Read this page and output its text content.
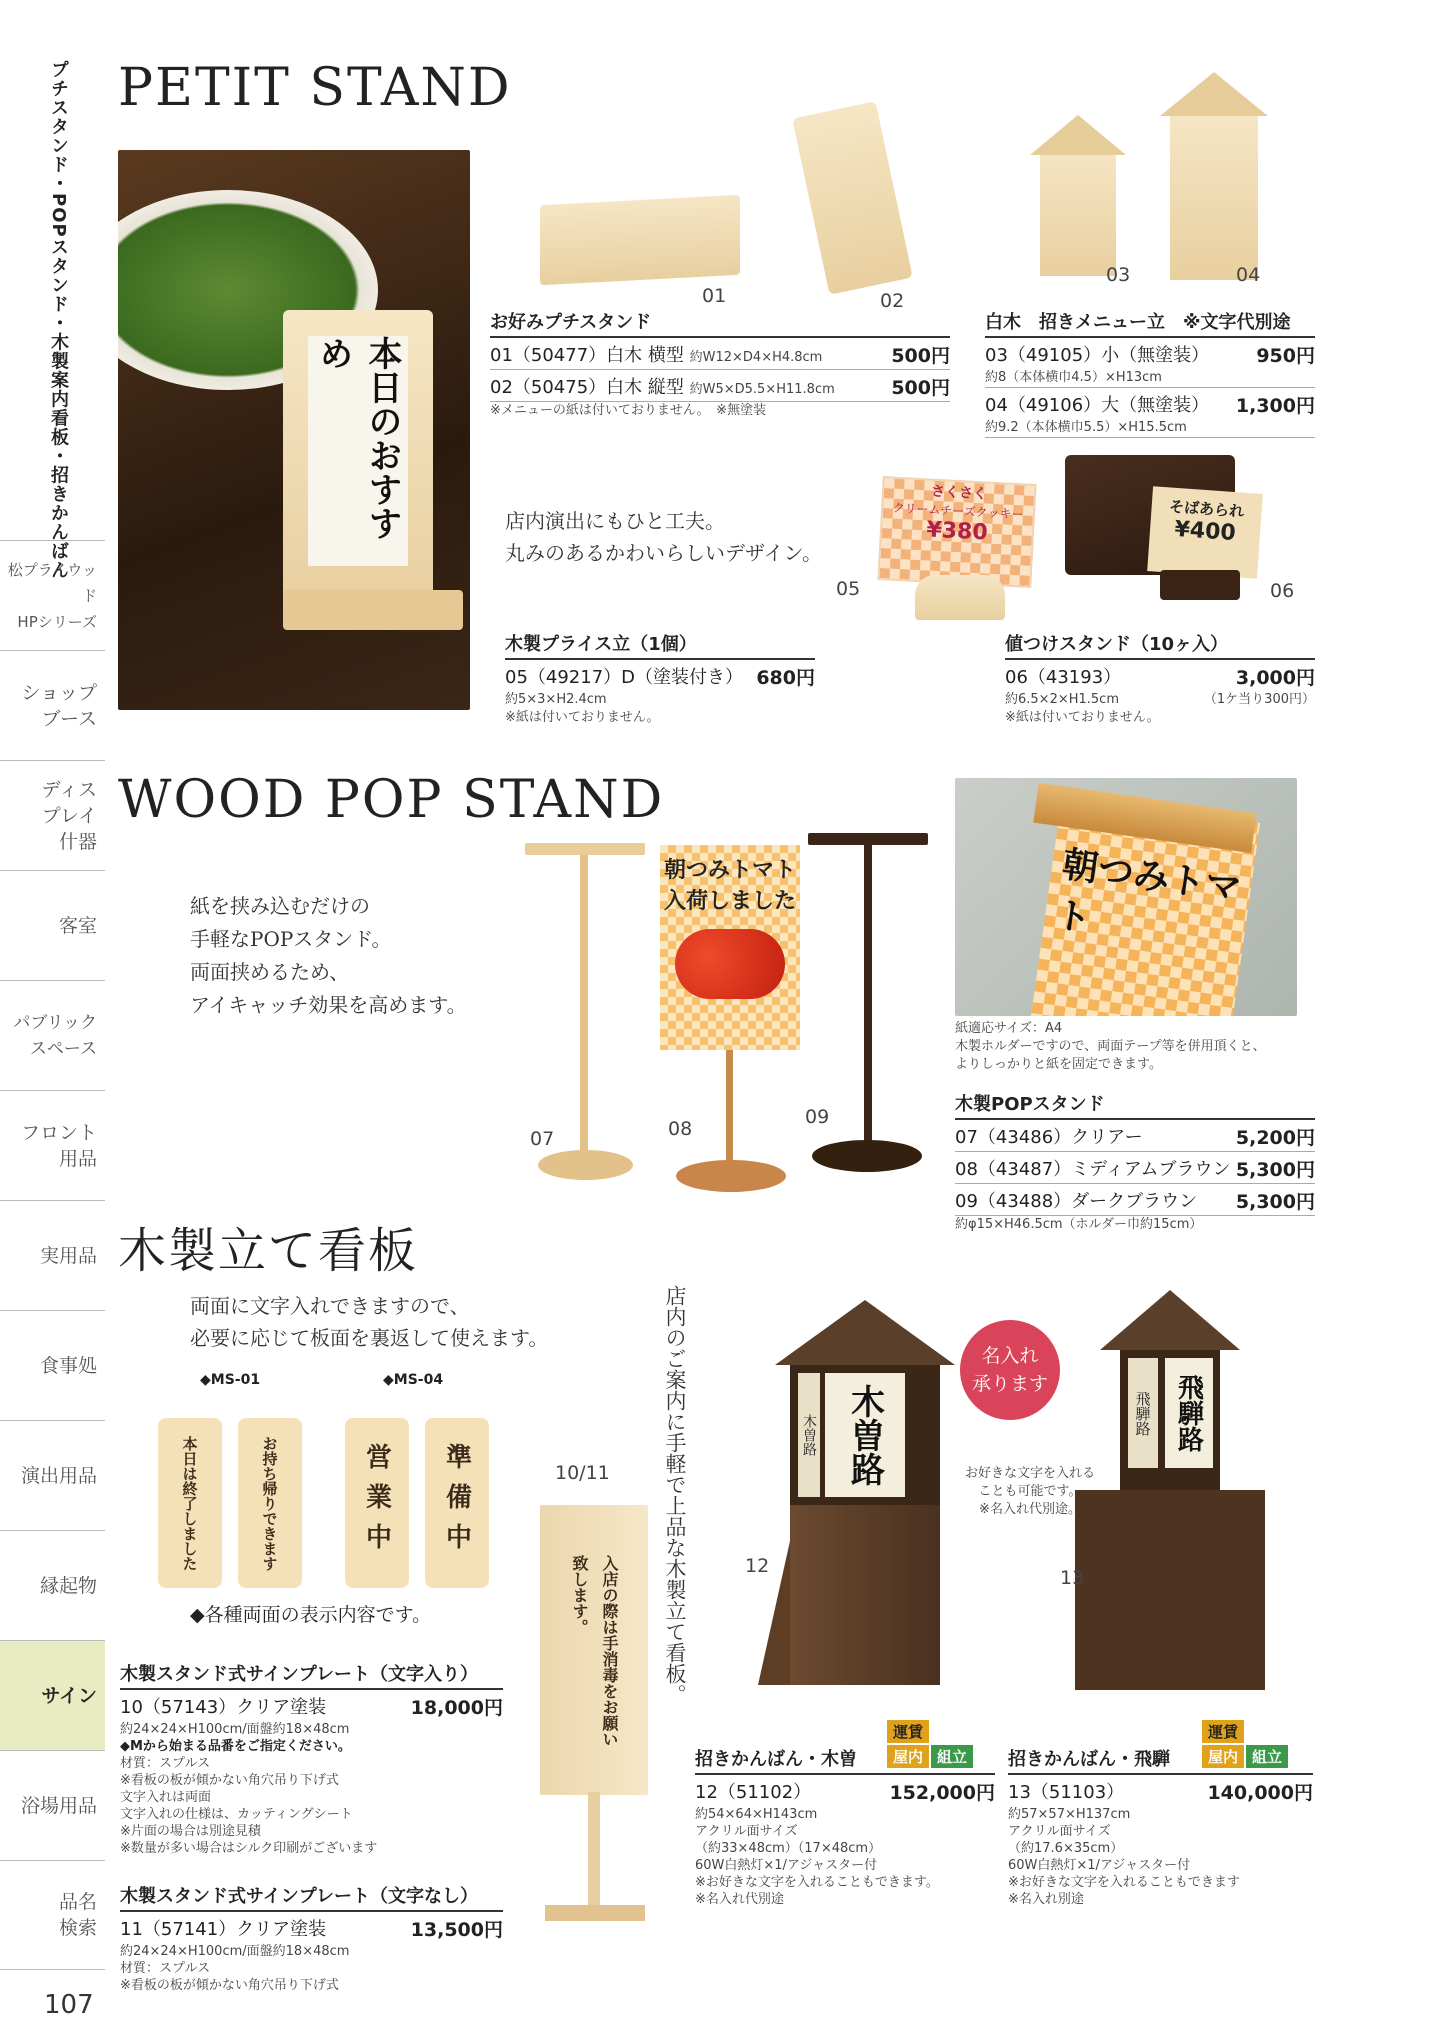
プチスタンド・POPスタンド・木製案内看板・招きかんばん
松プライウッド
HPシリーズ
ショップ
ブース
ディス
プレイ
什器
客室
パブリック
スペース
フロント
用品
実用品
食事処
演出用品
縁起物
サイン
浴場用品
品名
検索
107
PETIT STAND
本日のおすすめ
01	02
03	04
お好みプチスタンド
01（50477）白木 横型 約W12×D4×H4.8cm	500円
02（50475）白木 縦型 約W5×D5.5×H11.8cm	500円
※メニューの紙は付いておりません。　※無塗装
白木　招きメニュー立　※文字代別途
03（49105）小（無塗装） 950円
約8（本体横巾4.5）×H13cm
04（49106）大（無塗装） 1,300円
約9.2（本体横巾5.5）×H15.5cm
店内演出にもひと工夫。
丸みのあるかわいらしいデザイン。
さくさく
クリームチーズクッキー
¥380
05
そばあられ
¥400
06
木製プライス立（1個）
05（49217）D（塗装付き） 680円
約5×3×H2.4cm
※紙は付いておりません。
値つけスタンド（10ヶ入）
06（43193）	3,000円
約6.5×2×H1.5cm	（1ケ当り300円）
※紙は付いておりません。
WOOD POP STAND
紙を挟み込むだけの
手軽なPOPスタンド。
両面挟めるため、
アイキャッチ効果を高めます。
07
朝つみトマト
入荷しました
08
09
朝つみトマト
紙適応サイズ：A4
木製ホルダーですので、両面テープ等を併用頂くと、
よりしっかりと紙を固定できます。
木製POPスタンド
07（43486）クリアー	5,200円
08（43487）ミディアムブラウン 5,300円
09（43488）ダークブラウン 5,300円
約φ15×H46.5cm（ホルダー巾約15cm）
木製立て看板
両面に文字入れできますので、
必要に応じて板面を裏返して使えます。
◆MS-01	◆MS-04
本日は終了しました	お持ち帰りできます	営業中	準備中
◆各種両面の表示内容です。	店内のご案内に手軽で上品な木製立て看板。
10/11
入店の際は手消毒をお願い致します。
木製スタンド式サインプレート（文字入り）
10（57143）クリア塗装	18,000円
約24×24×H100cm/面盤約18×48cm
◆Mから始まる品番をご指定ください。
材質：スプルス
※看板の板が傾かない角穴吊り下げ式
文字入れは両面
文字入れの仕様は、カッティングシート
※片面の場合は別途見積
※数量が多い場合はシルク印刷がございます
木製スタンド式サインプレート（文字なし）
11（57141）クリア塗装	13,500円
約24×24×H100cm/面盤約18×48cm
材質：スプルス
※看板の板が傾かない角穴吊り下げ式
木曽路
木曽路
12
名入れ
承ります
お好きな文字を入れる
ことも可能です。
※名入れ代別途。
飛騨路
飛騨路
13
運賃
屋内 組立
運賃
屋内 組立
招きかんばん・木曽
12（51102）	152,000円
約54×64×H143cm
アクリル面サイズ
（約33×48cm）（17×48cm）
60W白熱灯×1/アジャスター付
※お好きな文字を入れることもできます。
※名入れ代別途
招きかんばん・飛騨
13（51103）	140,000円
約57×57×H137cm
アクリル面サイズ
（約17.6×35cm）
60W白熱灯×1/アジャスター付
※お好きな文字を入れることもできます
※名入れ別途
